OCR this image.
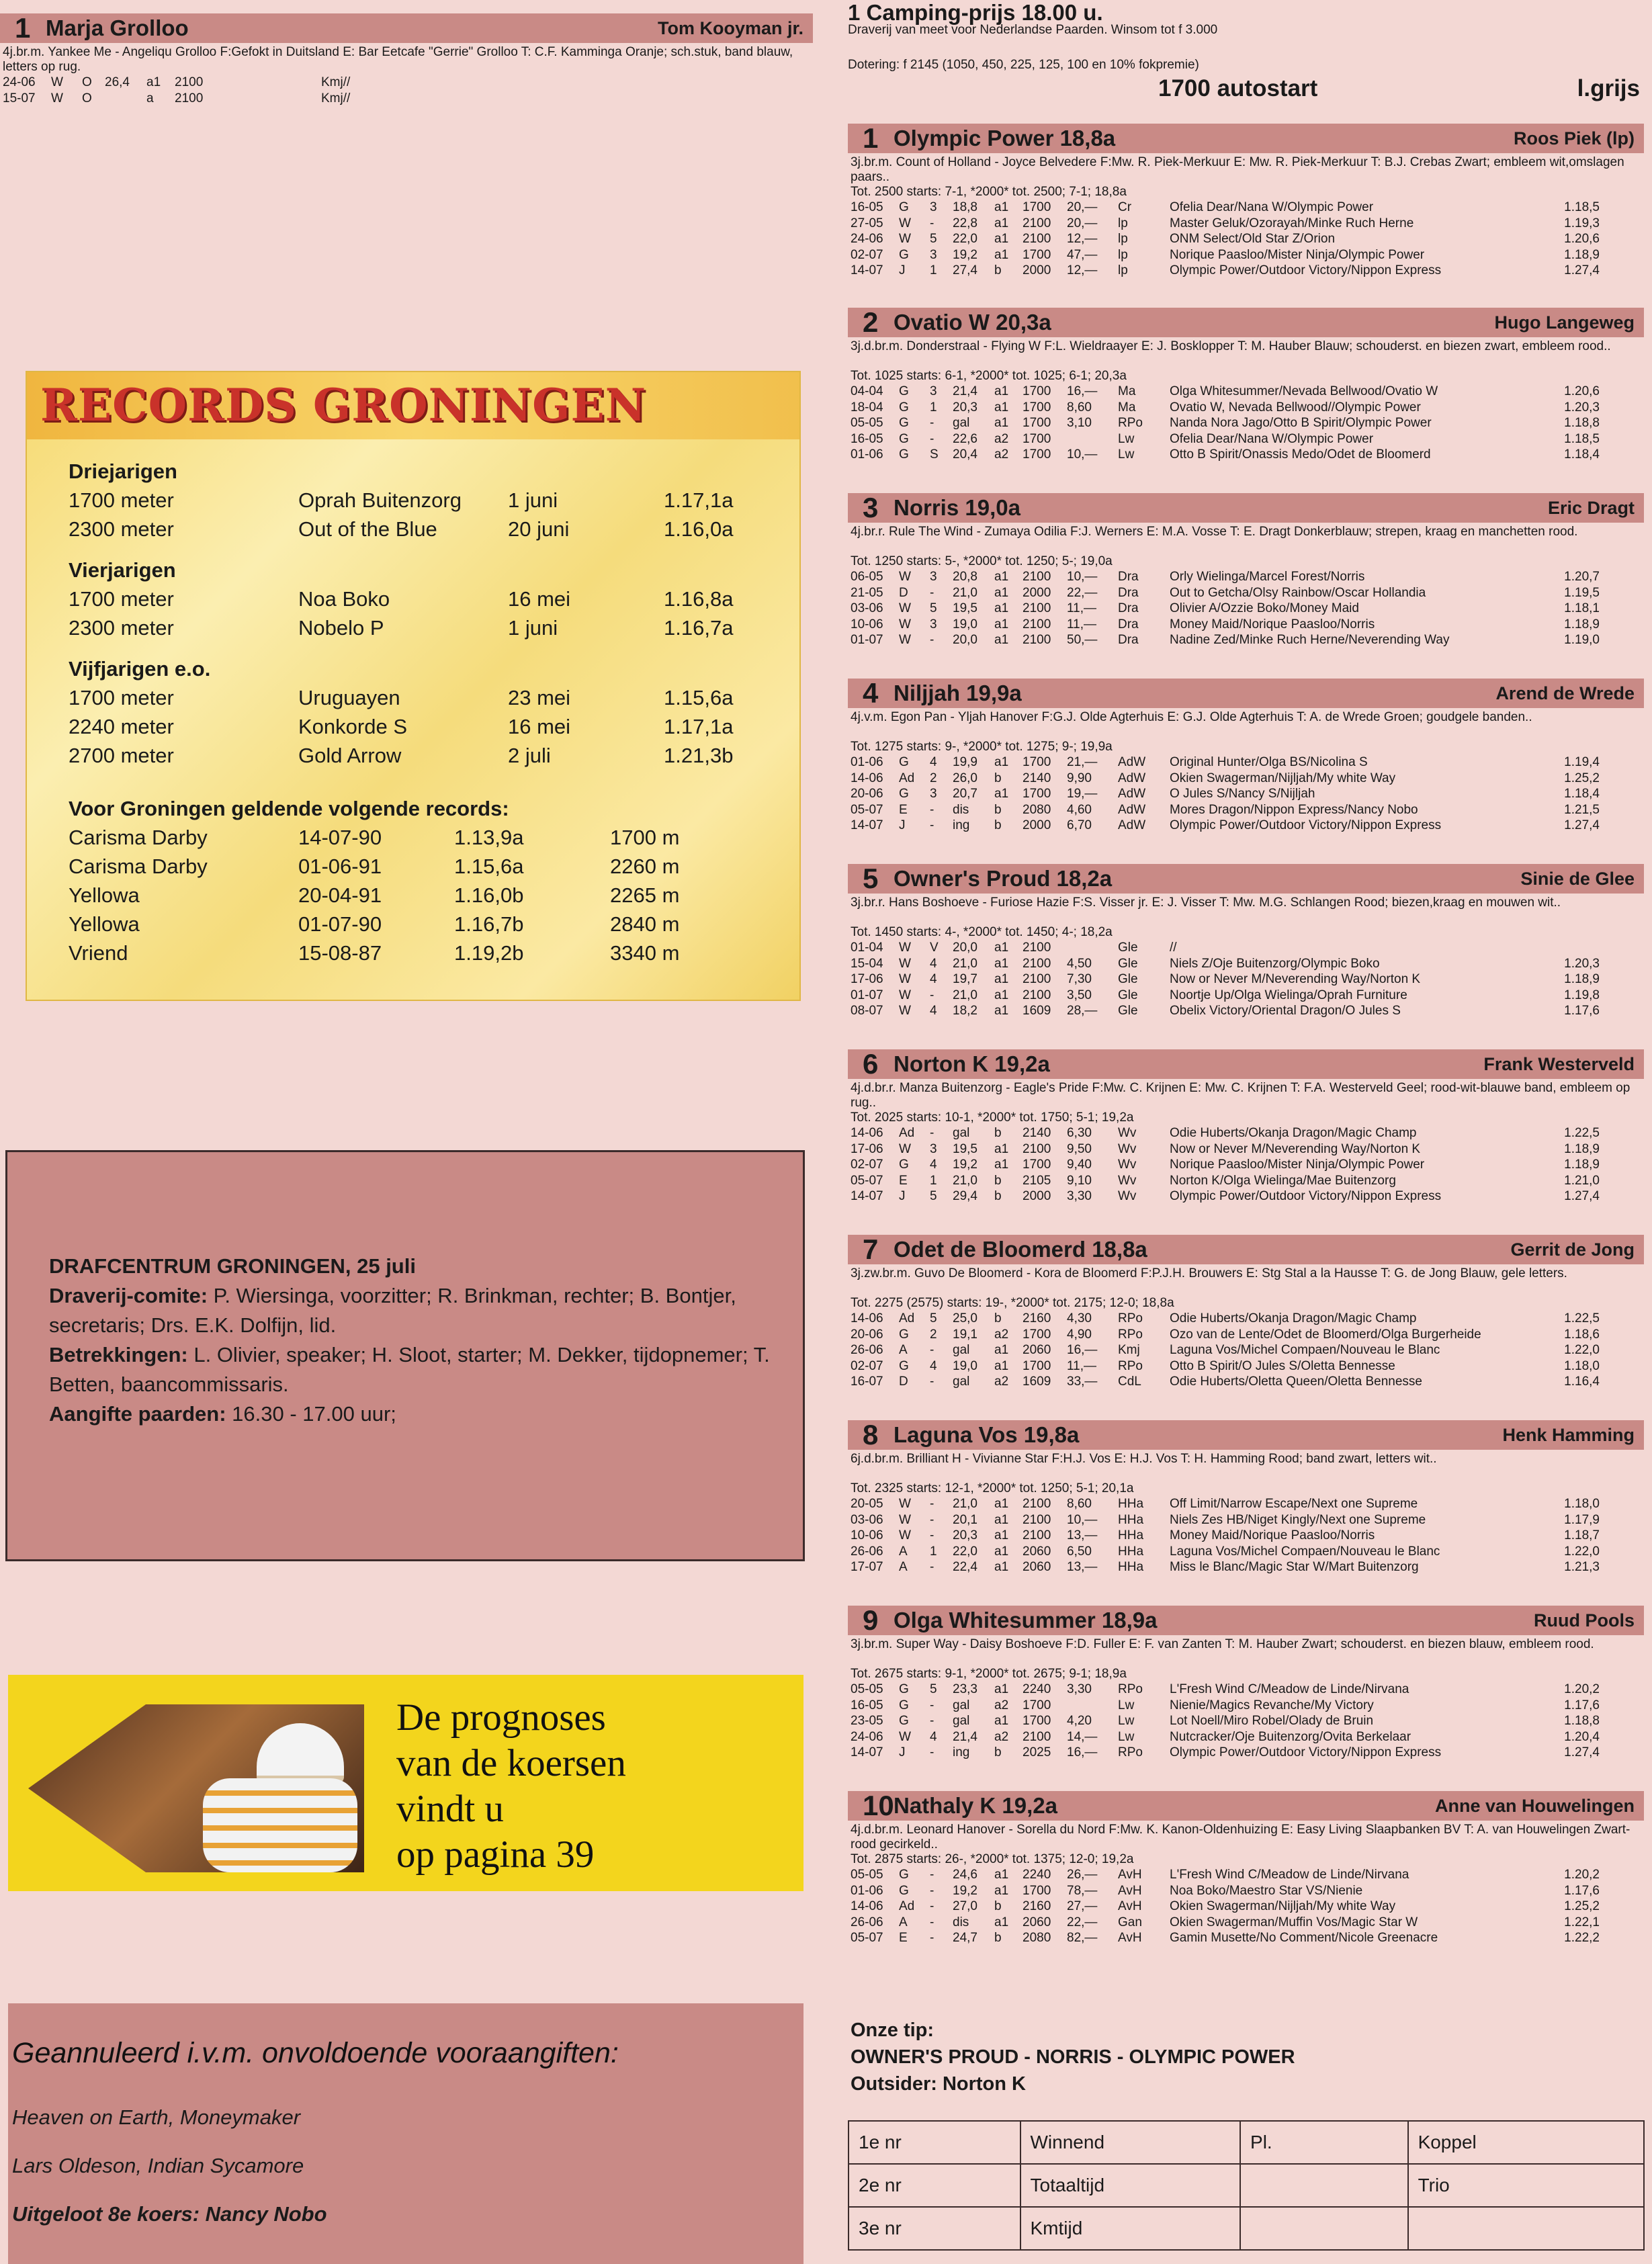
1 Marja Grolloo	Tom Kooyman jr.
4j.br.m. Yankee Me - Angeliqu Grolloo F:Gefokt in Duitsland E: Bar Eetcafe "Gerrie" Grolloo T: C.F. Kamminga Oranje; sch.stuk, band blauw, letters op rug.
24-06	W	O	26,4	a1	2100			Kmj	//	
15-07	W	O		a	2100			Kmj	//	
RECORDS GRONINGEN
Driejarigen
1700 meter	Oprah Buitenzorg	1 juni	1.17,1a
2300 meter	Out of the Blue	20 juni	1.16,0a
Vierjarigen
1700 meter	Noa Boko	16 mei	1.16,8a
2300 meter	Nobelo P	1 juni	1.16,7a
Vijfjarigen e.o.
1700 meter	Uruguayen	23 mei	1.15,6a
2240 meter	Konkorde S	16 mei	1.17,1a
2700 meter	Gold Arrow	2 juli	1.21,3b
Voor Groningen geldende volgende records:
Carisma Darby	14-07-90	1.13,9a	1700 m
Carisma Darby	01-06-91	1.15,6a	2260 m
Yellowa	20-04-91	1.16,0b	2265 m
Yellowa	01-07-90	1.16,7b	2840 m
Vriend	15-08-87	1.19,2b	3340 m
DRAFCENTRUM GRONINGEN, 25 juli
Draverij-comite: P. Wiersinga, voorzitter; R. Brinkman, rechter; B. Bontjer, secretaris; Drs. E.K. Dolfijn, lid.
Betrekkingen: L. Olivier, speaker; H. Sloot, starter; M. Dekker, tijdopnemer; T. Betten, baancommissaris.
Aangifte paarden: 16.30 - 17.00 uur;
De prognoses
van de koersen
vindt u
op pagina 39
Geannuleerd i.v.m. onvoldoende vooraangiften:
Heaven on Earth, Moneymaker
Lars Oldeson, Indian Sycamore
Uitgeloot 8e koers: Nancy Nobo
1 Camping-prijs 18.00 u.
Draverij van meet voor Nederlandse Paarden. Winsom tot f 3.000
Dotering: f 2145 (1050, 450, 225, 125, 100 en 10% fokpremie)
1700 autostart	l.grijs
1 Olympic Power 18,8a	Roos Piek (lp)
3j.br.m. Count of Holland - Joyce Belvedere F:Mw. R. Piek-Merkuur E: Mw. R. Piek-Merkuur T: B.J. Crebas Zwart; embleem wit,omslagen paars..
Tot. 2500 starts: 7-1, *2000* tot. 2500; 7-1; 18,8a
16-05	G	3	18,8	a1	1700	20,—	Cr		Ofelia Dear/Nana W/Olympic Power	1.18,5
27-05	W	-	22,8	a1	2100	20,—	lp		Master Geluk/Ozorayah/Minke Ruch Herne	1.19,3
24-06	W	5	22,0	a1	2100	12,—	lp		ONM Select/Old Star Z/Orion	1.20,6
02-07	G	3	19,2	a1	1700	47,—	lp		Norique Paasloo/Mister Ninja/Olympic Power	1.18,9
14-07	J	1	27,4	b	2000	12,—	lp		Olympic Power/Outdoor Victory/Nippon Express	1.27,4
2 Ovatio W 20,3a	Hugo Langeweg
3j.d.br.m. Donderstraal - Flying W F:L. Wieldraayer E: J. Bosklopper T: M. Hauber Blauw; schouderst. en biezen zwart, embleem rood..
Tot. 1025 starts: 6-1, *2000* tot. 1025; 6-1; 20,3a
04-04	G	3	21,4	a1	1700	16,—	Ma		Olga Whitesummer/Nevada Bellwood/Ovatio W	1.20,6
18-04	G	1	20,3	a1	1700	8,60	Ma		Ovatio W, Nevada Bellwood//Olympic Power	1.20,3
05-05	G	-	gal	a1	1700	3,10	RPo		Nanda Nora Jago/Otto B Spirit/Olympic Power	1.18,8
16-05	G	-	22,6	a2	1700		Lw		Ofelia Dear/Nana W/Olympic Power	1.18,5
01-06	G	S	20,4	a2	1700	10,—	Lw		Otto B Spirit/Onassis Medo/Odet de Bloomerd	1.18,4
3 Norris 19,0a	Eric Dragt
4j.br.r. Rule The Wind - Zumaya Odilia F:J. Werners E: M.A. Vosse T: E. Dragt Donkerblauw; strepen, kraag en manchetten rood.
Tot. 1250 starts: 5-, *2000* tot. 1250; 5-; 19,0a
06-05	W	3	20,8	a1	2100	10,—	Dra		Orly Wielinga/Marcel Forest/Norris	1.20,7
21-05	D	-	21,0	a1	2000	22,—	Dra		Out to Getcha/Olsy Rainbow/Oscar Hollandia	1.19,5
03-06	W	5	19,5	a1	2100	11,—	Dra		Olivier A/Ozzie Boko/Money Maid	1.18,1
10-06	W	3	19,0	a1	2100	11,—	Dra		Money Maid/Norique Paasloo/Norris	1.18,9
01-07	W	-	20,0	a1	2100	50,—	Dra		Nadine Zed/Minke Ruch Herne/Neverending Way	1.19,0
4 Niljjah 19,9a	Arend de Wrede
4j.v.m. Egon Pan - Yljah Hanover F:G.J. Olde Agterhuis E: G.J. Olde Agterhuis T: A. de Wrede Groen; goudgele banden..
Tot. 1275 starts: 9-, *2000* tot. 1275; 9-; 19,9a
01-06	G	4	19,9	a1	1700	21,—	AdW		Original Hunter/Olga BS/Nicolina S	1.19,4
14-06	Ad	2	26,0	b	2140	9,90	AdW		Okien Swagerman/Nijljah/My white Way	1.25,2
20-06	G	3	20,7	a1	1700	19,—	AdW		O Jules S/Nancy S/Nijljah	1.18,4
05-07	E	-	dis	b	2080	4,60	AdW		Mores Dragon/Nippon Express/Nancy Nobo	1.21,5
14-07	J	-	ing	b	2000	6,70	AdW		Olympic Power/Outdoor Victory/Nippon Express	1.27,4
5 Owner's Proud 18,2a	Sinie de Glee
3j.br.r. Hans Boshoeve - Furiose Hazie F:S. Visser jr. E: J. Visser T: Mw. M.G. Schlangen Rood; biezen,kraag en mouwen wit..
Tot. 1450 starts: 4-, *2000* tot. 1450; 4-; 18,2a
01-04	W	V	20,0	a1	2100		Gle		//	
15-04	W	4	21,0	a1	2100	4,50	Gle		Niels Z/Oje Buitenzorg/Olympic Boko	1.20,3
17-06	W	4	19,7	a1	2100	7,30	Gle		Now or Never M/Neverending Way/Norton K	1.18,9
01-07	W	-	21,0	a1	2100	3,50	Gle		Noortje Up/Olga Wielinga/Oprah Furniture	1.19,8
08-07	W	4	18,2	a1	1609	28,—	Gle		Obelix Victory/Oriental Dragon/O Jules S	1.17,6
6 Norton K 19,2a	Frank Westerveld
4j.d.br.r. Manza Buitenzorg - Eagle's Pride F:Mw. C. Krijnen E: Mw. C. Krijnen T: F.A. Westerveld Geel; rood-wit-blauwe band, embleem op rug..
Tot. 2025 starts: 10-1, *2000* tot. 1750; 5-1; 19,2a
14-06	Ad	-	gal	b	2140	6,30	Wv		Odie Huberts/Okanja Dragon/Magic Champ	1.22,5
17-06	W	3	19,5	a1	2100	9,50	Wv		Now or Never M/Neverending Way/Norton K	1.18,9
02-07	G	4	19,2	a1	1700	9,40	Wv		Norique Paasloo/Mister Ninja/Olympic Power	1.18,9
05-07	E	1	21,0	b	2105	9,10	Wv		Norton K/Olga Wielinga/Mae Buitenzorg	1.21,0
14-07	J	5	29,4	b	2000	3,30	Wv		Olympic Power/Outdoor Victory/Nippon Express	1.27,4
7 Odet de Bloomerd 18,8a	Gerrit de Jong
3j.zw.br.m. Guvo De Bloomerd - Kora de Bloomerd F:P.J.H. Brouwers E: Stg Stal a la Hausse T: G. de Jong Blauw, gele letters.
Tot. 2275 (2575) starts: 19-, *2000* tot. 2175; 12-0; 18,8a
14-06	Ad	5	25,0	b	2160	4,30	RPo		Odie Huberts/Okanja Dragon/Magic Champ	1.22,5
20-06	G	2	19,1	a2	1700	4,90	RPo		Ozo van de Lente/Odet de Bloomerd/Olga Burgerheide	1.18,6
26-06	A	-	gal	a1	2060	16,—	Kmj		Laguna Vos/Michel Compaen/Nouveau le Blanc	1.22,0
02-07	G	4	19,0	a1	1700	11,—	RPo		Otto B Spirit/O Jules S/Oletta Bennesse	1.18,0
16-07	D	-	gal	a2	1609	33,—	CdL		Odie Huberts/Oletta Queen/Oletta Bennesse	1.16,4
8 Laguna Vos 19,8a	Henk Hamming
6j.d.br.m. Brilliant H - Vivianne Star F:H.J. Vos E: H.J. Vos T: H. Hamming Rood; band zwart, letters wit..
Tot. 2325 starts: 12-1, *2000* tot. 1250; 5-1; 20,1a
20-05	W	-	21,0	a1	2100	8,60	HHa		Off Limit/Narrow Escape/Next one Supreme	1.18,0
03-06	W	-	20,1	a1	2100	10,—	HHa		Niels Zes HB/Niget Kingly/Next one Supreme	1.17,9
10-06	W	-	20,3	a1	2100	13,—	HHa		Money Maid/Norique Paasloo/Norris	1.18,7
26-06	A	1	22,0	a1	2060	6,50	HHa		Laguna Vos/Michel Compaen/Nouveau le Blanc	1.22,0
17-07	A	-	22,4	a1	2060	13,—	HHa		Miss le Blanc/Magic Star W/Mart Buitenzorg	1.21,3
9 Olga Whitesummer 18,9a	Ruud Pools
3j.br.m. Super Way - Daisy Boshoeve F:D. Fuller E: F. van Zanten T: M. Hauber Zwart; schouderst. en biezen blauw, embleem rood.
Tot. 2675 starts: 9-1, *2000* tot. 2675; 9-1; 18,9a
05-05	G	5	23,3	a1	2240	3,30	RPo		L'Fresh Wind C/Meadow de Linde/Nirvana	1.20,2
16-05	G	-	gal	a2	1700		Lw		Nienie/Magics Revanche/My Victory	1.17,6
23-05	G	-	gal	a1	1700	4,20	Lw		Lot Noell/Miro Robel/Olady de Bruin	1.18,8
24-06	W	4	21,4	a2	2100	14,—	Lw		Nutcracker/Oje Buitenzorg/Ovita Berkelaar	1.20,4
14-07	J	-	ing	b	2025	16,—	RPo		Olympic Power/Outdoor Victory/Nippon Express	1.27,4
10 Nathaly K 19,2a	Anne van Houwelingen
4j.d.br.m. Leonard Hanover - Sorella du Nord F:Mw. K. Kanon-Oldenhuizing E: Easy Living Slaapbanken BV T: A. van Houwelingen Zwart-rood gecirkeld..
Tot. 2875 starts: 26-, *2000* tot. 1375; 12-0; 19,2a
05-05	G	-	24,6	a1	2240	26,—	AvH		L'Fresh Wind C/Meadow de Linde/Nirvana	1.20,2
01-06	G	-	19,2	a1	1700	78,—	AvH		Noa Boko/Maestro Star VS/Nienie	1.17,6
14-06	Ad	-	27,0	b	2160	27,—	AvH		Okien Swagerman/Nijljah/My white Way	1.25,2
26-06	A	-	dis	a1	2060	22,—	Gan		Okien Swagerman/Muffin Vos/Magic Star W	1.22,1
05-07	E	-	24,7	b	2080	82,—	AvH		Gamin Musette/No Comment/Nicole Greenacre	1.22,2
Onze tip:
OWNER'S PROUD - NORRIS - OLYMPIC POWER
Outsider: Norton K
1e nr	Winnend	Pl.	Koppel
2e nr	Totaaltijd		Trio
3e nr	Kmtijd		
